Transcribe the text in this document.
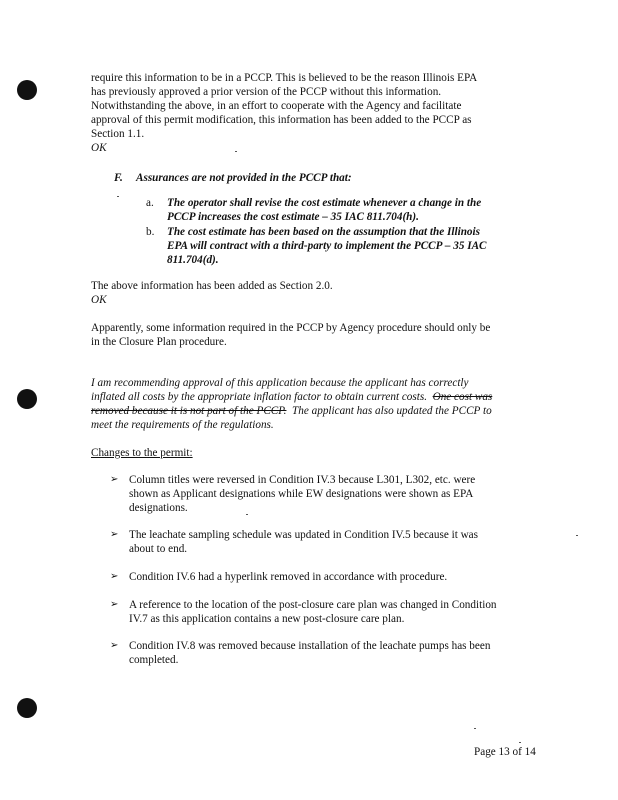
require this information to be in a PCCP. This is believed to be the reason Illinois EPA
has previously approved a prior version of the PCCP without this information.
Notwithstanding the above, in an effort to cooperate with the Agency and facilitate
approval of this permit modification, this information has been added to the PCCP as
Section 1.1.
OK
F. Assurances are not provided in the PCCP that:
a. The operator shall revise the cost estimate whenever a change in the
PCCP increases the cost estimate – 35 IAC 811.704(h).
b. The cost estimate has been based on the assumption that the Illinois
EPA will contract with a third-party to implement the PCCP – 35 IAC
811.704(d).
The above information has been added as Section 2.0.
OK
Apparently, some information required in the PCCP by Agency procedure should only be
in the Closure Plan procedure.
I am recommending approval of this application because the applicant has correctly
inflated all costs by the appropriate inflation factor to obtain current costs. One cost was
removed because it is not part of the PCCP. The applicant has also updated the PCCP to
meet the requirements of the regulations.
Changes to the permit:
➢ Column titles were reversed in Condition IV.3 because L301, L302, etc. were
shown as Applicant designations while EW designations were shown as EPA
designations.
➢ The leachate sampling schedule was updated in Condition IV.5 because it was
about to end.
➢ Condition IV.6 had a hyperlink removed in accordance with procedure.
➢ A reference to the location of the post-closure care plan was changed in Condition
IV.7 as this application contains a new post-closure care plan.
➢ Condition IV.8 was removed because installation of the leachate pumps has been
completed.
Page 13 of 14
